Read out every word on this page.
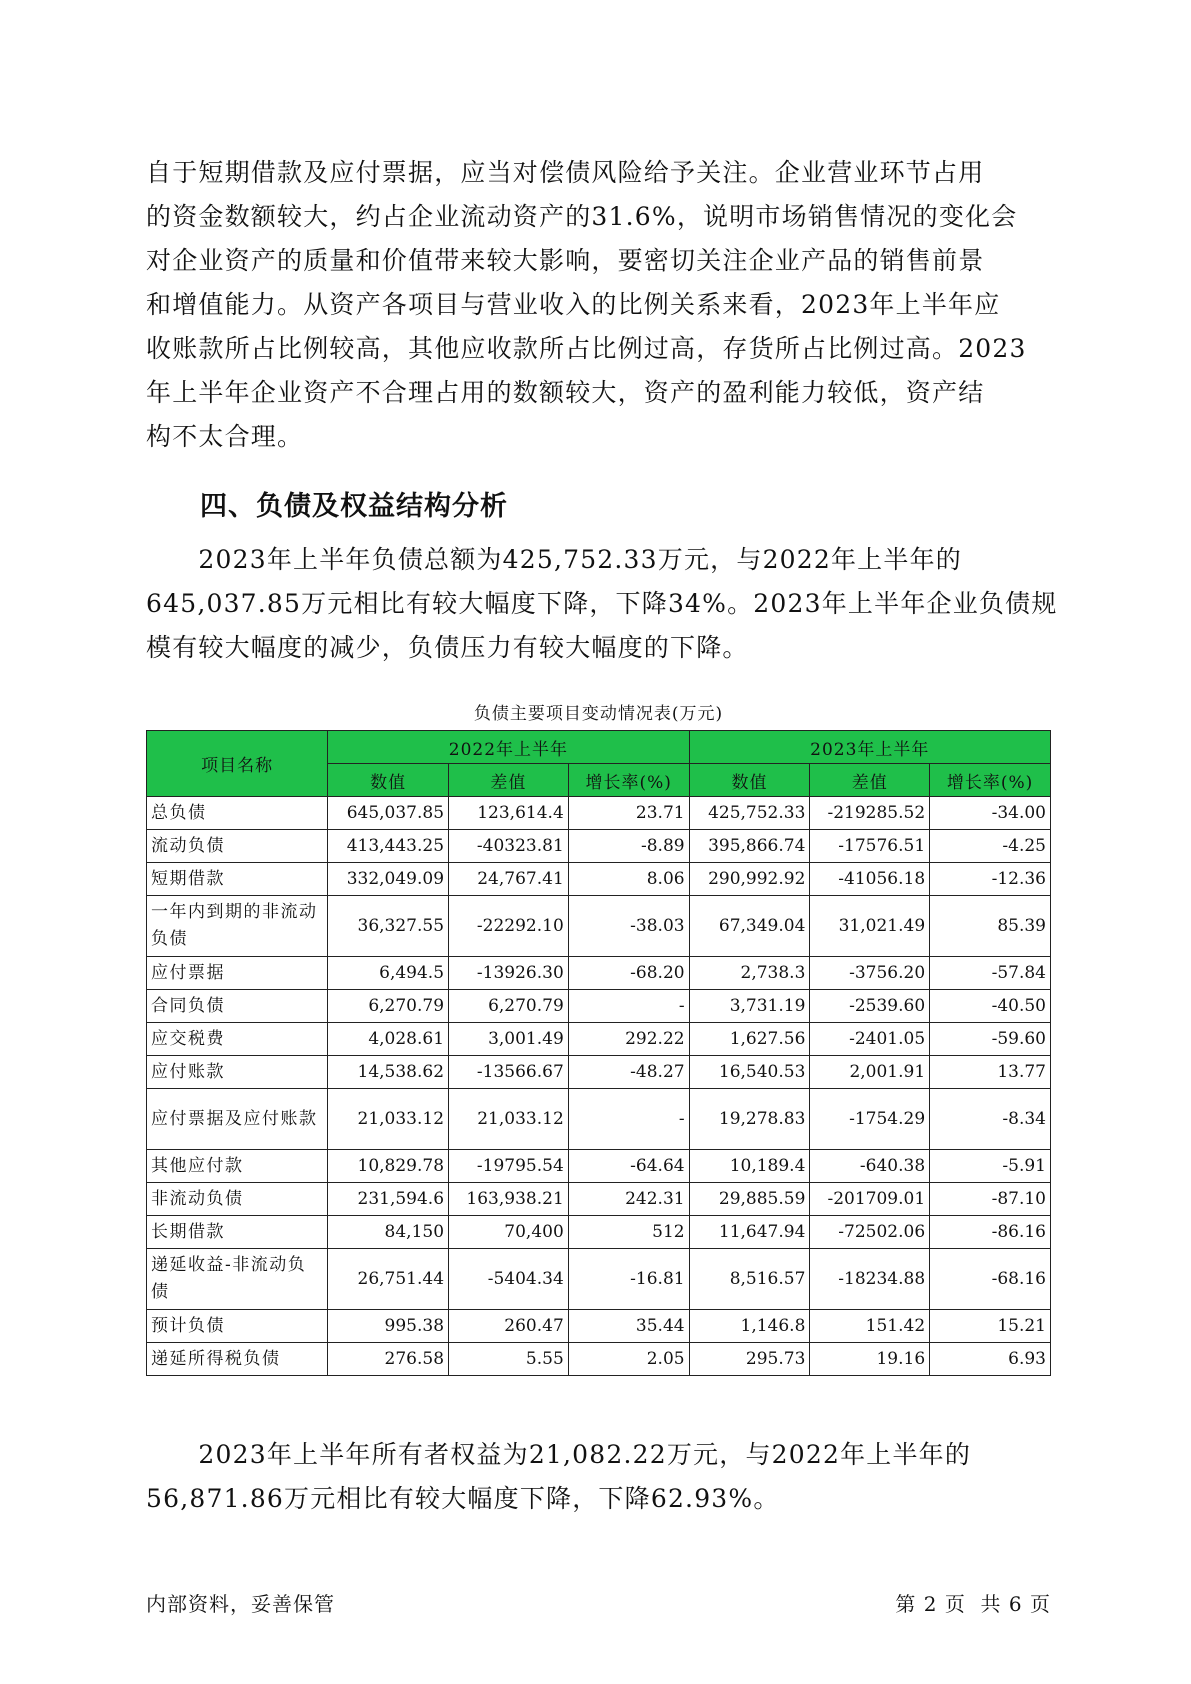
自于短期借款及应付票据，应当对偿债风险给予关注。企业营业环节占用
的资金数额较大，约占企业流动资产的31.6%，说明市场销售情况的变化会
对企业资产的质量和价值带来较大影响，要密切关注企业产品的销售前景
和增值能力。从资产各项目与营业收入的比例关系来看，2023年上半年应
收账款所占比例较高，其他应收款所占比例过高，存货所占比例过高。2023
年上半年企业资产不合理占用的数额较大，资产的盈利能力较低，资产结
构不太合理。
四、负债及权益结构分析
　　2023年上半年负债总额为425,752.33万元，与2022年上半年的
645,037.85万元相比有较大幅度下降，下降34%。2023年上半年企业负债规
模有较大幅度的减少，负债压力有较大幅度的下降。
负债主要项目变动情况表(万元)
项目名称	2022年上半年			2023年上半年		
	数值	差值	增长率(%)	数值	差值	增长率(%)
总负债	645,037.85	123,614.4	23.71	425,752.33	-219285.52	-34.00
流动负债	413,443.25	-40323.81	-8.89	395,866.74	-17576.51	-4.25
短期借款	332,049.09	24,767.41	8.06	290,992.92	-41056.18	-12.36
一年内到期的非流动负债	36,327.55	-22292.10	-38.03	67,349.04	31,021.49	85.39
应付票据	6,494.5	-13926.30	-68.20	2,738.3	-3756.20	-57.84
合同负债	6,270.79	6,270.79	-	3,731.19	-2539.60	-40.50
应交税费	4,028.61	3,001.49	292.22	1,627.56	-2401.05	-59.60
应付账款	14,538.62	-13566.67	-48.27	16,540.53	2,001.91	13.77
应付票据及应付账款	21,033.12	21,033.12	-	19,278.83	-1754.29	-8.34
其他应付款	10,829.78	-19795.54	-64.64	10,189.4	-640.38	-5.91
非流动负债	231,594.6	163,938.21	242.31	29,885.59	-201709.01	-87.10
长期借款	84,150	70,400	512	11,647.94	-72502.06	-86.16
递延收益-非流动负债	26,751.44	-5404.34	-16.81	8,516.57	-18234.88	-68.16
预计负债	995.38	260.47	35.44	1,146.8	151.42	15.21
递延所得税负债	276.58	5.55	2.05	295.73	19.16	6.93
　　2023年上半年所有者权益为21,082.22万元，与2022年上半年的
56,871.86万元相比有较大幅度下降，下降62.93%。
内部资料，妥善保管	第 2 页  共 6 页
